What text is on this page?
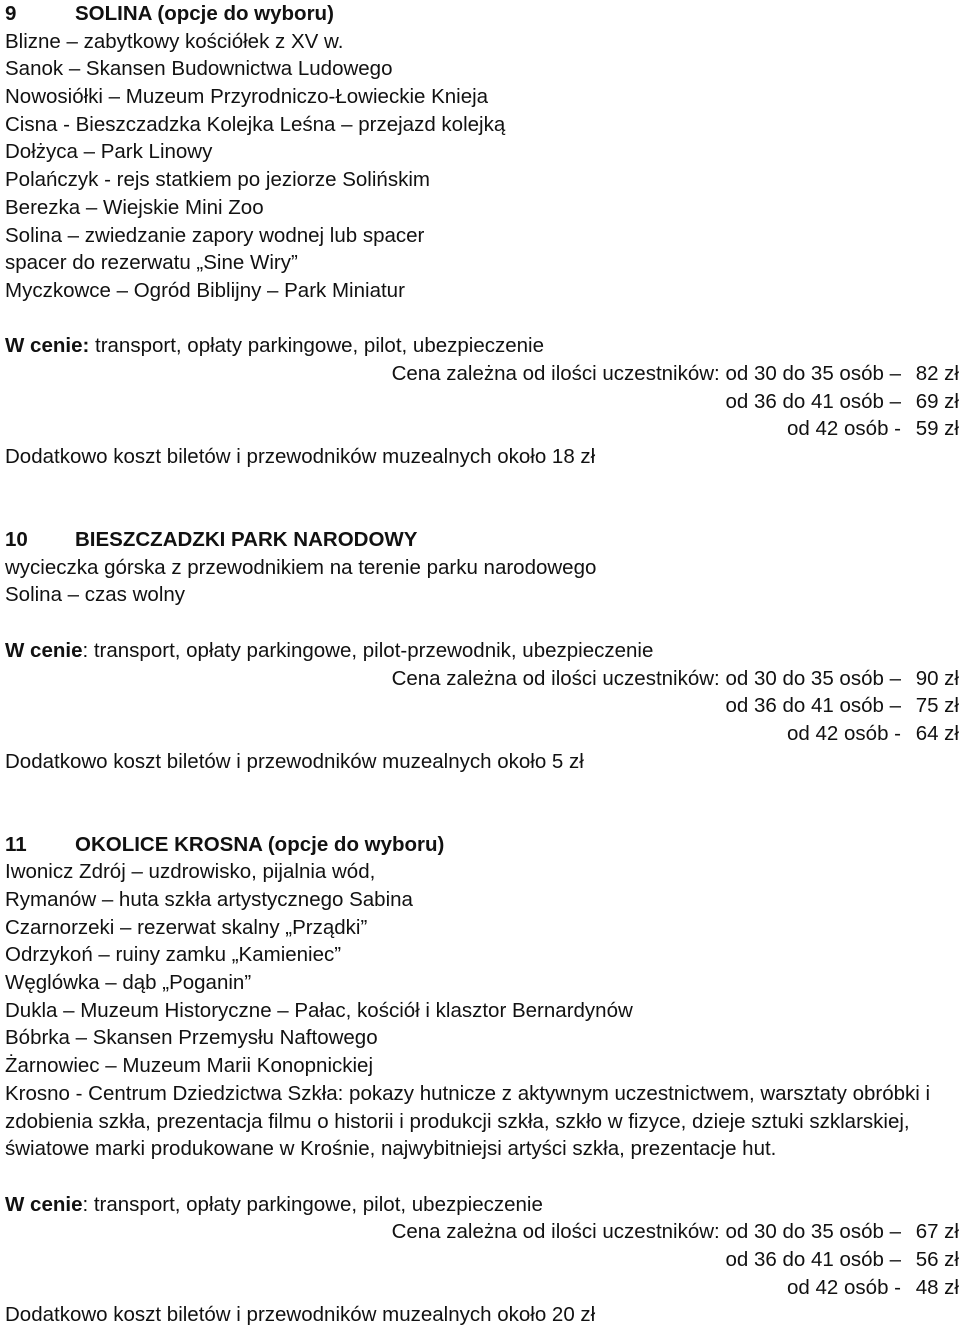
9	SOLINA (opcje do wyboru)
Blizne – zabytkowy kościółek z XV w.
Sanok – Skansen Budownictwa Ludowego
Nowosiółki – Muzeum Przyrodniczo-Łowieckie Knieja
Cisna - Bieszczadzka Kolejka Leśna – przejazd kolejką
Dołżyca – Park Linowy
Polańczyk - rejs statkiem po jeziorze Solińskim
Berezka – Wiejskie Mini Zoo
Solina – zwiedzanie zapory wodnej lub spacer
spacer do rezerwatu „Sine Wiry”
Myczkowce – Ogród Biblijny – Park Miniatur
W cenie: transport, opłaty parkingowe, pilot, ubezpieczenie
Cena zależna od ilości uczestników: od 30 do 35 osób – 82 zł
od 36 do 41 osób – 69 zł
od 42 osób - 59 zł
Dodatkowo koszt biletów i przewodników muzealnych około 18 zł
10 BIESZCZADZKI PARK NARODOWY
wycieczka górska z przewodnikiem na terenie parku narodowego
Solina – czas wolny
W cenie: transport, opłaty parkingowe, pilot-przewodnik, ubezpieczenie
Cena zależna od ilości uczestników: od 30 do 35 osób – 90 zł
od 36 do 41 osób – 75 zł
od 42 osób - 64 zł
Dodatkowo koszt biletów i przewodników muzealnych około 5 zł
11 OKOLICE KROSNA (opcje do wyboru)
Iwonicz Zdrój – uzdrowisko, pijalnia wód,
Rymanów – huta szkła artystycznego Sabina
Czarnorzeki – rezerwat skalny „Prządki”
Odrzykoń – ruiny zamku „Kamieniec”
Węglówka – dąb „Poganin”
Dukla – Muzeum Historyczne – Pałac, kościół i klasztor Bernardynów
Bóbrka – Skansen Przemysłu Naftowego
Żarnowiec – Muzeum Marii Konopnickiej
Krosno - Centrum Dziedzictwa Szkła: pokazy hutnicze z aktywnym uczestnictwem, warsztaty obróbki i zdobienia szkła, prezentacja filmu o historii i produkcji szkła, szkło w fizyce, dzieje sztuki szklarskiej, światowe marki produkowane w Krośnie, najwybitniejsi artyści szkła, prezentacje hut.
W cenie: transport, opłaty parkingowe, pilot, ubezpieczenie
Cena zależna od ilości uczestników: od 30 do 35 osób – 67 zł
od 36 do 41 osób – 56 zł
od 42 osób - 48 zł
Dodatkowo koszt biletów i przewodników muzealnych około 20 zł
